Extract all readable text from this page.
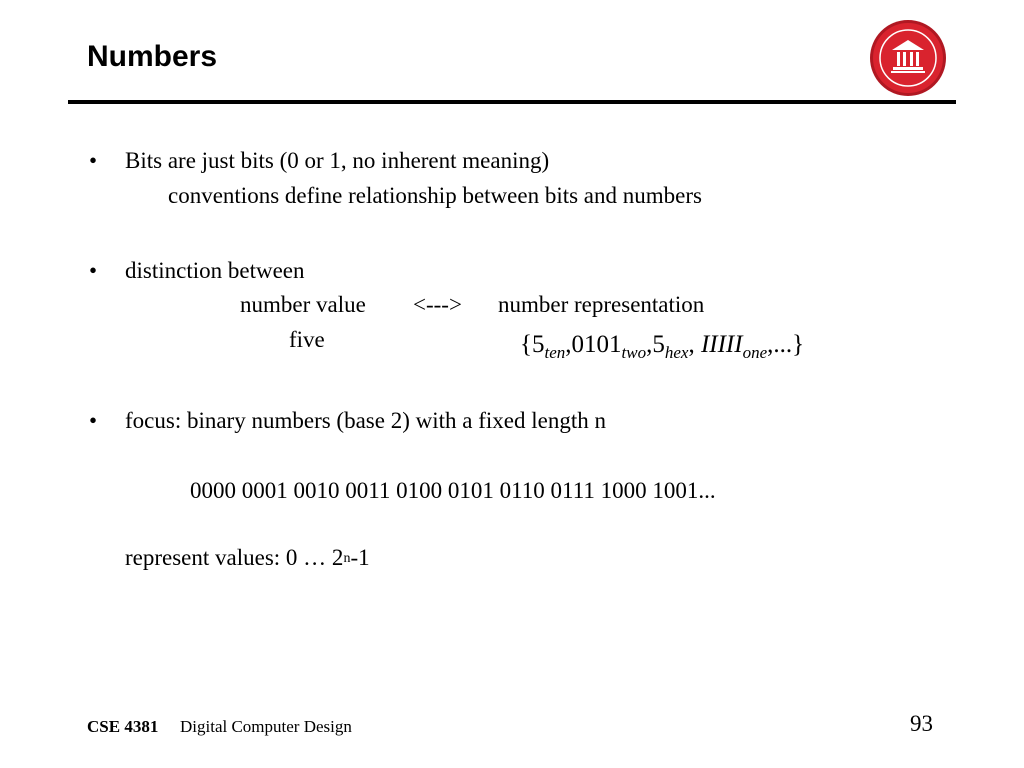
Numbers
• Bits are just bits (0 or 1, no inherent meaning)
conventions define relationship between bits and numbers
• distinction between
number value <---> number representation
five	{$5_{ten},0101_{two},5_{hex}$, $IIIII_{one}$,...}
• focus: binary numbers (base 2) with a fixed length n
0000 0001 0010 0011 0100 0101 0110 0111 1000 1001...
represent values: 0 … 2$^n$-1
CSE 4381 Digital Computer Design	93
